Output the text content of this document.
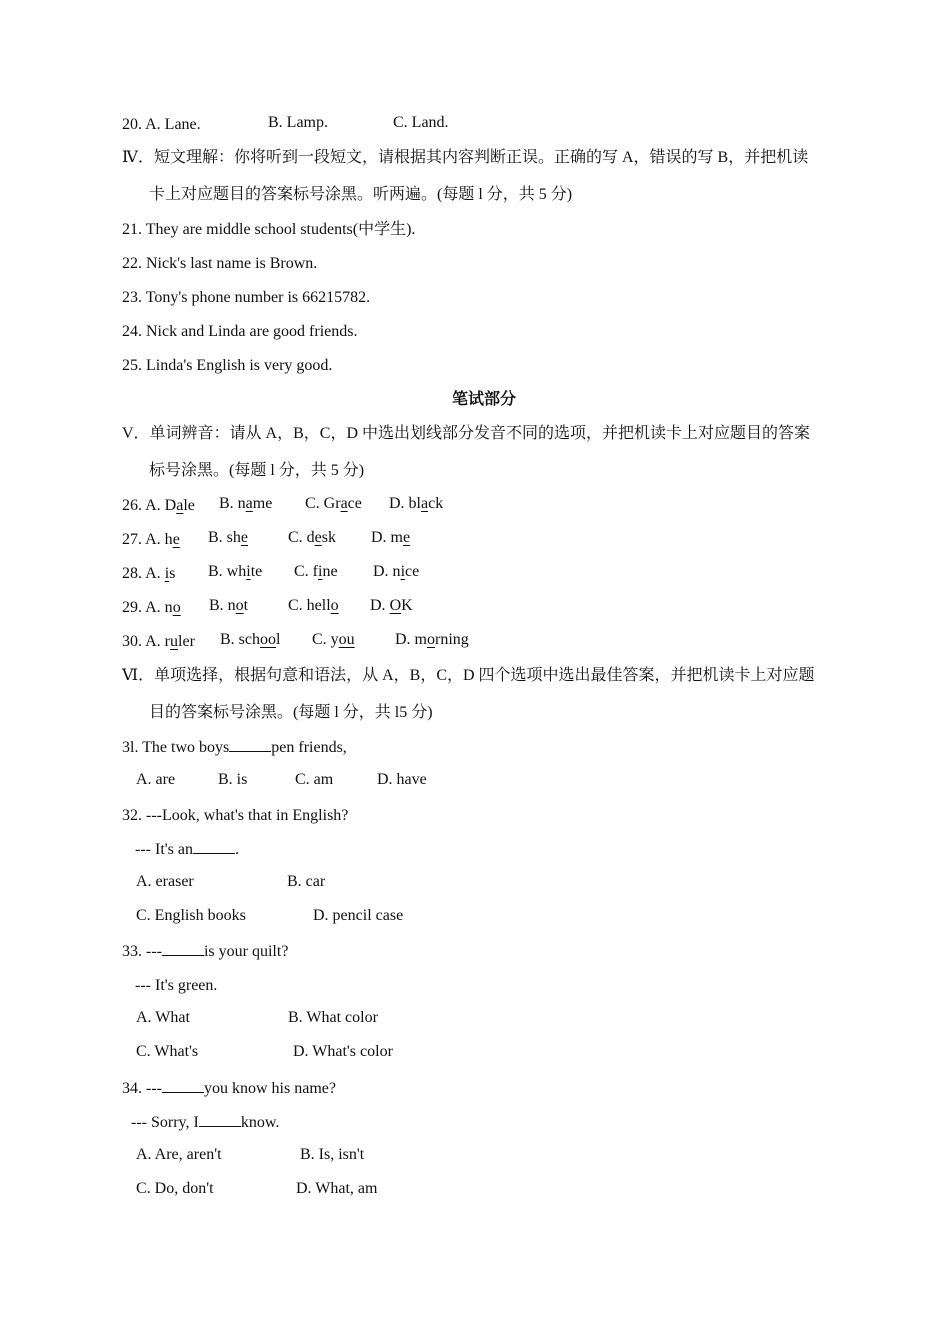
20. A. Lane.	B. Lamp.	C. Land.
Ⅳ．短文理解：你将听到一段短文，请根据其内容判断正误。正确的写 A，错误的写 B，并把机读
卡上对应题目的答案标号涂黑。听两遍。(每题 l 分，共 5 分)
21. They are middle school students(中学生).
22. Nick's last name is Brown.
23. Tony's phone number is 66215782.
24. Nick and Linda are good friends.
25. Linda's English is very good.
笔试部分
V．单词辨音：请从 A，B，C，D 中选出划线部分发音不同的选项，并把机读卡上对应题目的答案
标号涂黑。(每题 l 分，共 5 分)
26. A. Dale B. name C. Grace D. black
27. A. he B. she C. desk D. me
28. A. is B. white C. fine D. nice
29. A. no B. not C. hello D. OK
30. A. ruler B. school C. you	D. morning
Ⅵ．单项选择，根据句意和语法，从 A，B，C，D 四个选项中选出最佳答案，并把机读卡上对应题
目的答案标号涂黑。(每题 l 分，共 l5 分)
3l. The two boys	pen friends,
A. are	B. is	C. am	D. have
32. ---Look, what's that in English?
--- It's an	.
A. eraser	B. car
C. English books	D. pencil case
33. ---	is your quilt?
--- It's green.
A. What	B. What color
C. What's	D. What's color
34. ---	you know his name?
--- Sorry, I	know.
A. Are, aren't	B. Is, isn't
C. Do, don't	D. What, am
